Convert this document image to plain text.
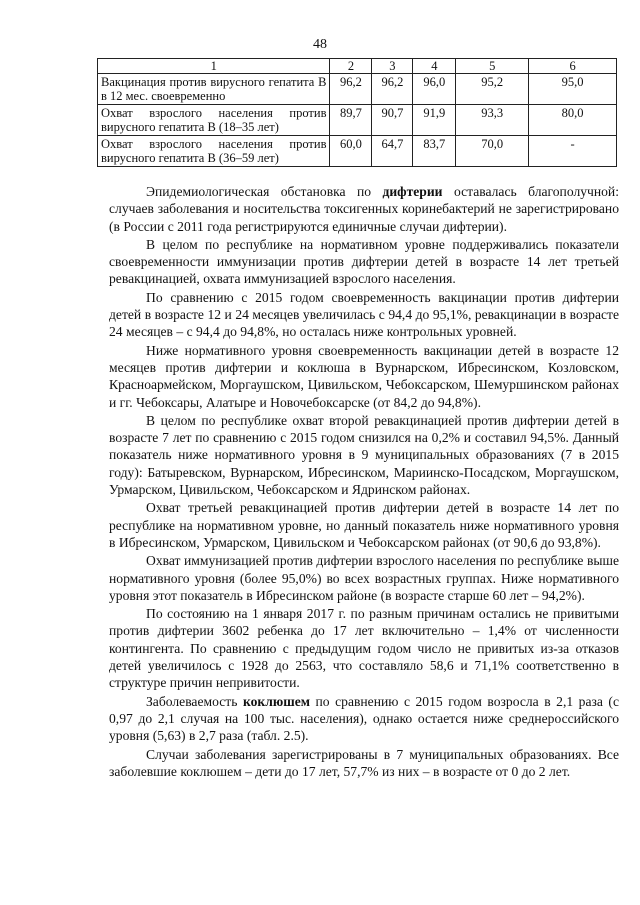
48
1	2	3	4	5	6
Вакцинация против вирусного гепатита В в 12 мес. своевременно	96,2	96,2	96,0	95,2	95,0
Охват взрослого населения против вирусного гепатита В (18–35 лет)	89,7	90,7	91,9	93,3	80,0
Охват взрослого населения против вирусного гепатита В (36–59 лет)	60,0	64,7	83,7	70,0	-

Эпидемиологическая обстановка по дифтерии оставалась благополучной: случаев заболевания и носительства токсигенных коринебактерий не зарегистрировано (в России с 2011 года регистрируются единичные случаи дифтерии).

В целом по республике на нормативном уровне поддерживались показатели своевременности иммунизации против дифтерии детей в возрасте 14 лет третьей ревакцинацией, охвата иммунизацией взрослого населения.

По сравнению с 2015 годом своевременность вакцинации против дифтерии детей в возрасте 12 и 24 месяцев увеличилась с 94,4 до 95,1%, ревакцинации в возрасте 24 месяцев – с 94,4 до 94,8%, но осталась ниже контрольных уровней.

Ниже нормативного уровня своевременность вакцинации детей в возрасте 12 месяцев против дифтерии и коклюша в Вурнарском, Ибресинском, Козловском, Красноармейском, Моргаушском, Цивильском, Чебоксарском, Шемуршинском районах и гг. Чебоксары, Алатыре и Новочебоксарске (от 84,2 до 94,8%).

В целом по республике охват второй ревакцинацией против дифтерии детей в возрасте 7 лет по сравнению с 2015 годом снизился на 0,2% и составил 94,5%. Данный показатель ниже нормативного уровня в 9 муниципальных образованиях (7 в 2015 году): Батыревском, Вурнарском, Ибресинском, Мариинско-Посадском, Моргаушском, Урмарском, Цивильском, Чебоксарском и Ядринском районах.

Охват третьей ревакцинацией против дифтерии детей в возрасте 14 лет по республике на нормативном уровне, но данный показатель ниже нормативного уровня в Ибресинском, Урмарском, Цивильском и Чебоксарском районах (от 90,6 до 93,8%).

Охват иммунизацией против дифтерии взрослого населения по республике выше нормативного уровня (более 95,0%) во всех возрастных группах. Ниже нормативного уровня этот показатель в Ибресинском районе (в возрасте старше 60 лет – 94,2%).

По состоянию на 1 января 2017 г. по разным причинам остались не привитыми против дифтерии 3602 ребенка до 17 лет включительно – 1,4% от численности контингента. По сравнению с предыдущим годом число не привитых из-за отказов детей увеличилось с 1928 до 2563, что составляло 58,6 и 71,1% соответственно в структуре причин непривитости.

Заболеваемость коклюшем по сравнению с 2015 годом возросла в 2,1 раза (с 0,97 до 2,1 случая на 100 тыс. населения), однако остается ниже среднероссийского уровня (5,63) в 2,7 раза (табл. 2.5).

Случаи заболевания зарегистрированы в 7 муниципальных образованиях. Все заболевшие коклюшем – дети до 17 лет, 57,7% из них – в возрасте от 0 до 2 лет.
